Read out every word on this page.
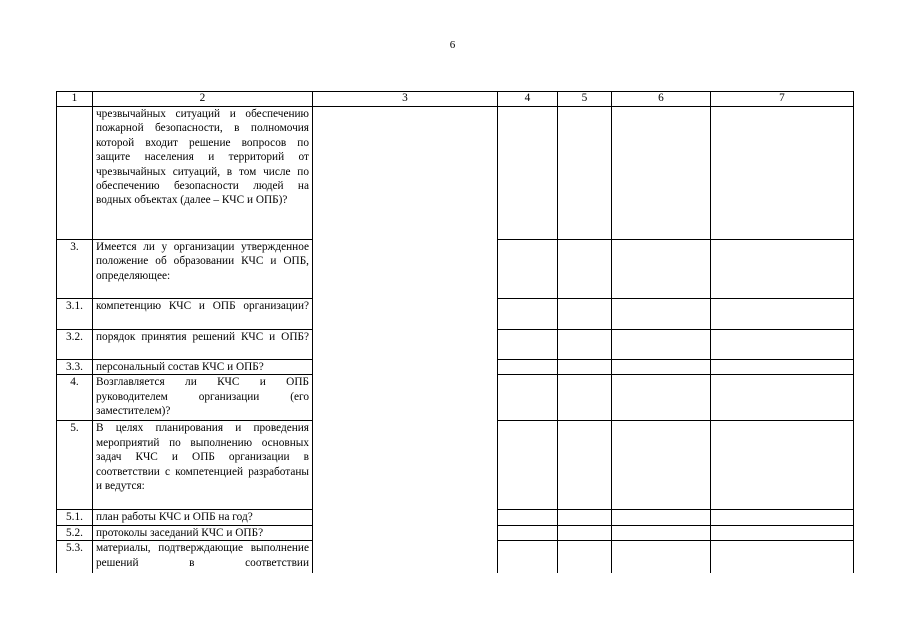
6
1	2	3	4	5	6	7
	чрезвычайных ситуаций и обеспечению пожарной безопасности, в полномочия которой входит решение вопросов по защите населения и территорий от чрезвычайных ситуаций, в том числе по обеспечению безопасности людей на водных объектах (далее – КЧС и ОПБ)?					
3.	Имеется ли у организации утвержденное положение об образовании КЧС и ОПБ, определяющее:					
3.1.	компетенцию КЧС и ОПБ организации?					
3.2.	порядок принятия решений КЧС и ОПБ?					
3.3.	персональный состав КЧС и ОПБ?					
4.	Возглавляется ли КЧС и ОПБ руководителем организации (его заместителем)?					
5.	В целях планирования и проведения мероприятий по выполнению основных задач КЧС и ОПБ организации в соответствии с компетенцией разработаны и ведутся:					
5.1.	план работы КЧС и ОПБ на год?					
5.2.	протоколы заседаний КЧС и ОПБ?					
5.3.	материалы, подтверждающие выполнение решений в соответствии					
